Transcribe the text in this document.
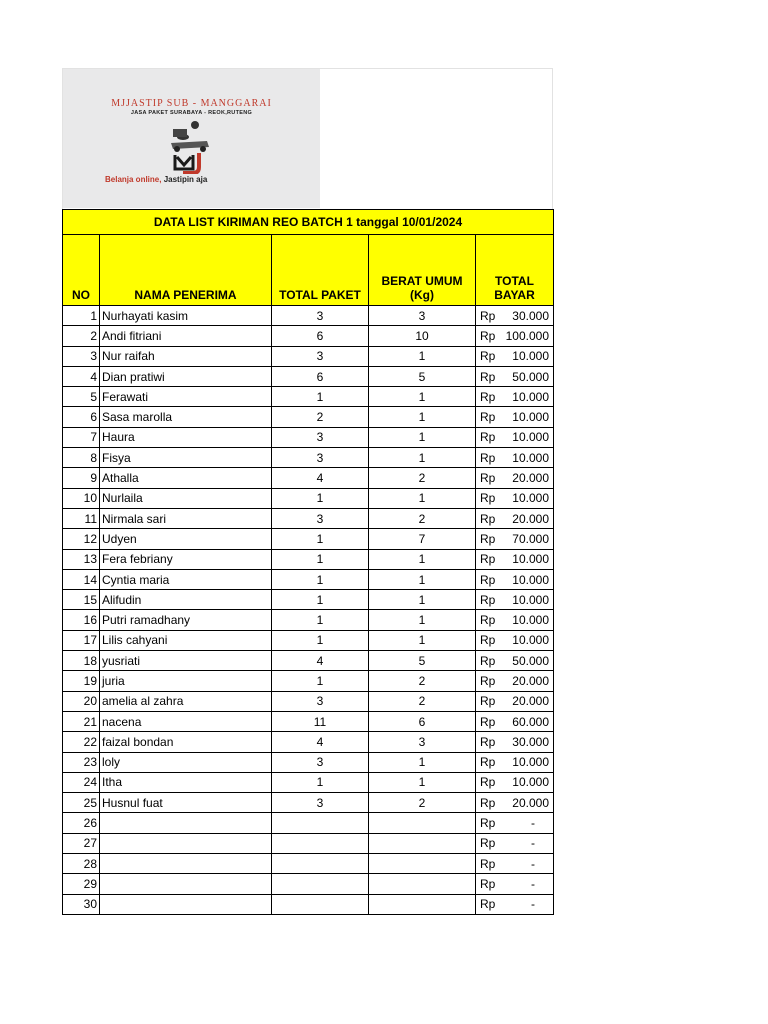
MJJASTIP SUB - MANGGARAI
JASA PAKET SURABAYA - REOK,RUTENG
Belanja online, Jastipin aja
DATA LIST KIRIMAN REO BATCH 1 tanggal 10/01/2024				
NO	NAMA PENERIMA	TOTAL PAKET	BERAT UMUM (Kg)	TOTAL BAYAR
1	Nurhayati kasim	3	3	Rp 30.000

2	Andi fitriani	6	10	Rp 100.000

3	Nur raifah	3	1	Rp 10.000

4	Dian pratiwi	6	5	Rp 50.000

5	Ferawati	1	1	Rp 10.000

6	Sasa marolla	2	1	Rp 10.000

7	Haura	3	1	Rp 10.000

8	Fisya	3	1	Rp 10.000

9	Athalla	4	2	Rp 20.000

10	Nurlaila	1	1	Rp 10.000

11	Nirmala sari	3	2	Rp 20.000

12	Udyen	1	7	Rp 70.000

13	Fera febriany	1	1	Rp 10.000

14	Cyntia maria	1	1	Rp 10.000

15	Alifudin	1	1	Rp 10.000

16	Putri ramadhany	1	1	Rp 10.000

17	Lilis cahyani	1	1	Rp 10.000

18	yusriati	4	5	Rp 50.000

19	juria	1	2	Rp 20.000

20	amelia al zahra	3	2	Rp 20.000

21	nacena	11	6	Rp 60.000

22	faizal bondan	4	3	Rp 30.000

23	loly	3	1	Rp 10.000

24	Itha	1	1	Rp 10.000

25	Husnul fuat	3	2	Rp 20.000

26				Rp -

27				Rp -

28				Rp -

29				Rp -

30				Rp -
